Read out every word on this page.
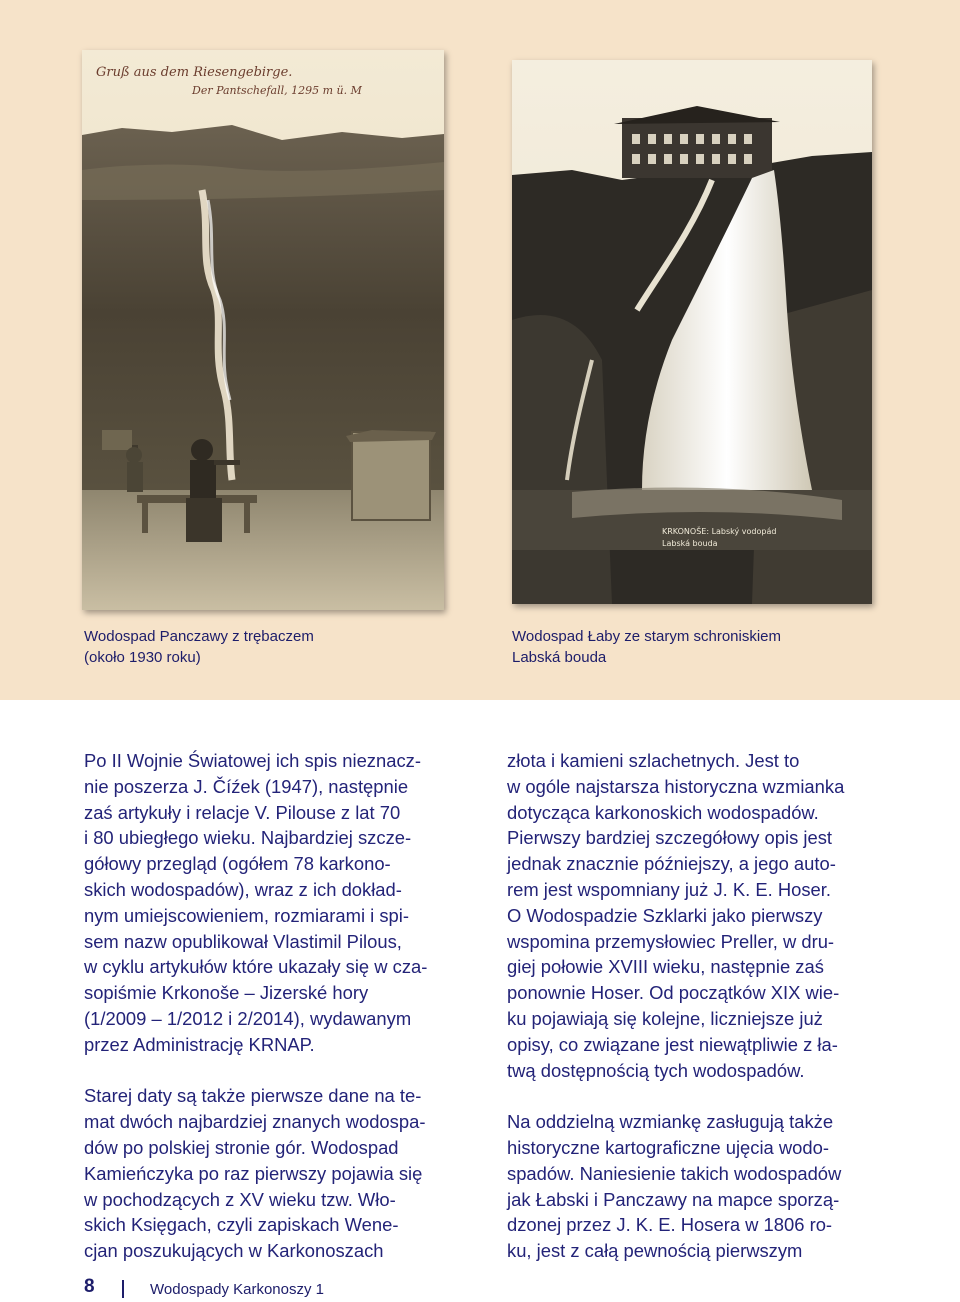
Gruß aus dem Riesengebirge.
Der Pantschefall, 1295 m ü. M
KRKONOŠE: Labský vodopád
Labská bouda
Wodospad Panczawy z trębaczem
(około 1930 roku)
Wodospad Łaby ze starym schroniskiem
Labská bouda

Po II Wojnie Światowej ich spis nieznacz-
nie poszerza J. Číźek (1947), następnie
zaś artykuły i relacje V. Pilouse z lat 70
i 80 ubiegłego wieku. Najbardziej szcze-
gółowy przegląd (ogółem 78 karkono-
skich wodospadów), wraz z ich dokład-
nym umiejscowieniem, rozmiarami i spi-
sem nazw opublikował Vlastimil Pilous,
w cyklu artykułów które ukazały się w cza-
sopiśmie Krkonoše – Jizerské hory
(1/2009 – 1/2012 i 2/2014), wydawanym
przez Administrację KRNAP.

Starej daty są także pierwsze dane na te-
mat dwóch najbardziej znanych wodospa-
dów po polskiej stronie gór. Wodospad
Kamieńczyka po raz pierwszy pojawia się
w pochodzących z XV wieku tzw. Wło-
skich Księgach, czyli zapiskach Wene-
cjan poszukujących w Karkonoszach

złota i kamieni szlachetnych. Jest to
w ogóle najstarsza historyczna wzmianka
dotycząca karkonoskich wodospadów.
Pierwszy bardziej szczegółowy opis jest
jednak znacznie późniejszy, a jego auto-
rem jest wspomniany już J. K. E. Hoser.
O Wodospadzie Szklarki jako pierwszy
wspomina przemysłowiec Preller, w dru-
giej połowie XVIII wieku, następnie zaś
ponownie Hoser. Od początków XIX wie-
ku pojawiają się kolejne, liczniejsze już
opisy, co związane jest niewątpliwie z ła-
twą dostępnością tych wodospadów.

Na oddzielną wzmiankę zasługują także
historyczne kartograficzne ujęcia wodo-
spadów. Naniesienie takich wodospadów
jak Łabski i Panczawy na mapce sporzą-
dzonej przez J. K. E. Hosera w 1806 ro-
ku, jest z całą pewnością pierwszym

8	Wodospady Karkonoszy 1
